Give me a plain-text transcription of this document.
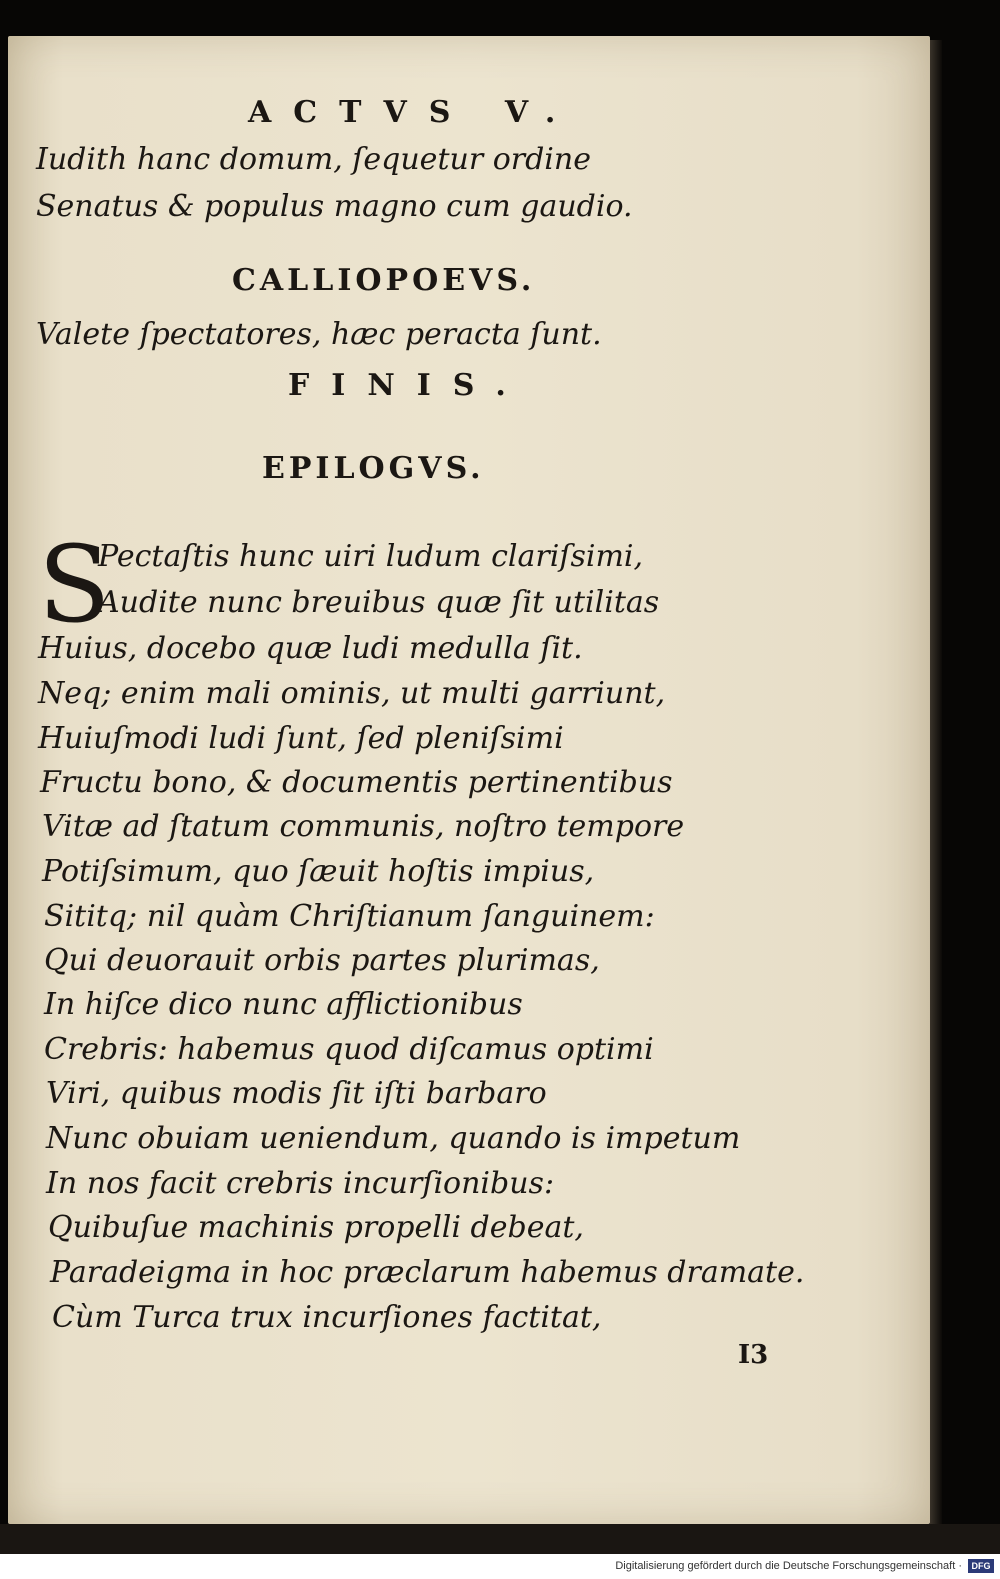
ACTVS V.
Iudith hanc domum, ſequetur ordine
Senatus & populus magno cum gaudio.
CALLIOPOEVS.
Valete ſpectatores, hæc peracta ſunt.
FINIS.
EPILOGVS.
S
Pectaſtis hunc uiri ludum clariſsimi,
Audite nunc breuibus quæ ſit utilitas
Huius, docebo quæ ludi medulla ſit.
Neq; enim mali ominis, ut multi garriunt,
Huiuſmodi ludi ſunt, ſed pleniſsimi
Fructu bono, & documentis pertinentibus
Vitæ ad ſtatum communis, noſtro tempore
Potiſsimum, quo ſæuit hoſtis impius,
Sititq; nil quàm Chriſtianum ſanguinem:
Qui deuorauit orbis partes plurimas,
In hiſce dico nunc afflictionibus
Crebris: habemus quod diſcamus optimi
Viri, quibus modis ſit iſti barbaro
Nunc obuiam ueniendum, quando is impetum
In nos facit crebris incurſionibus:
Quibuſue machinis propelli debeat,
Paradeigma in hoc præclarum habemus dramate.
Cùm Turca trux incurſiones factitat,
I3
Digitalisierung gefördert durch die Deutsche Forschungsgemeinschaft ·	DFG
